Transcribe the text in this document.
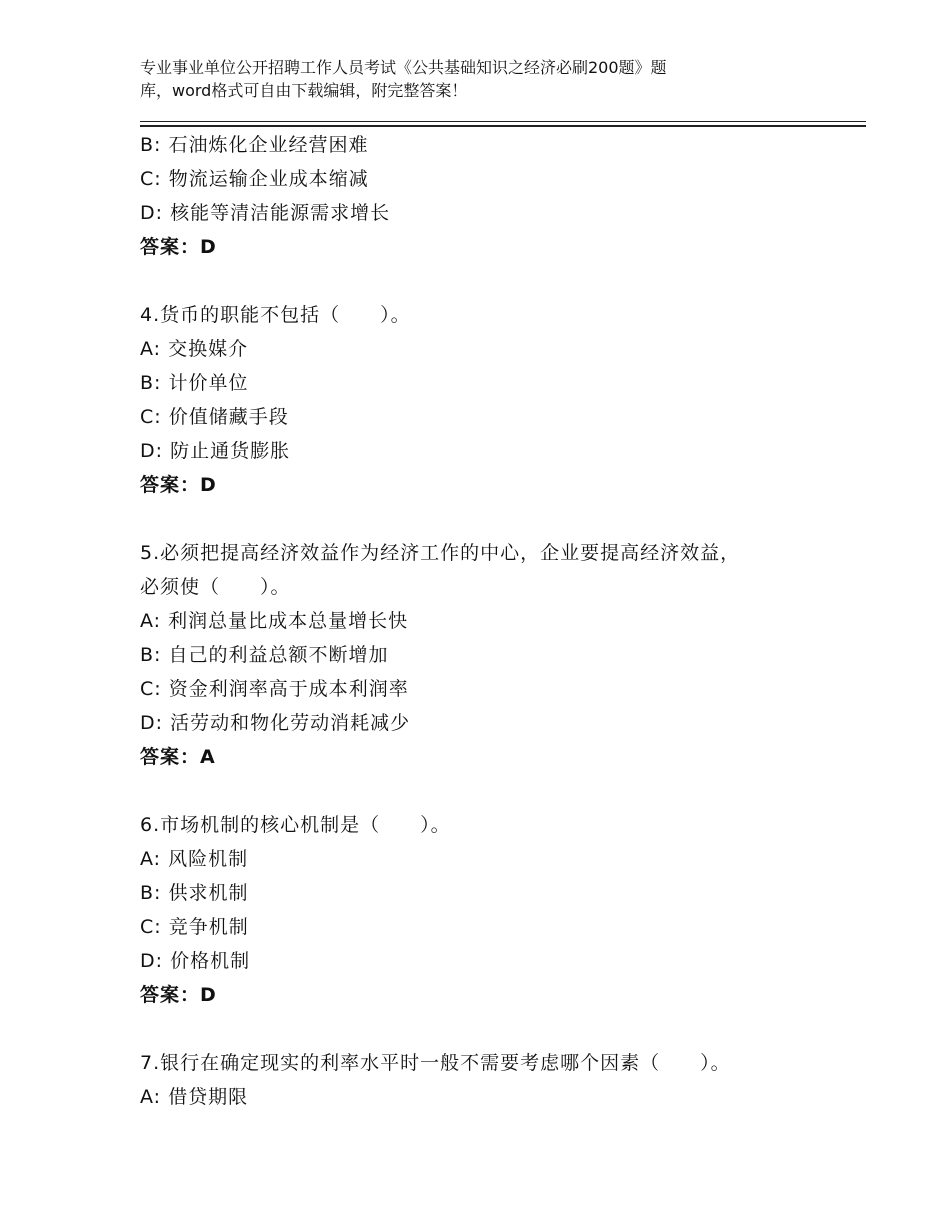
专业事业单位公开招聘工作人员考试《公共基础知识之经济必刷200题》题
库，word格式可自由下载编辑，附完整答案！
B: 石油炼化企业经营困难
C: 物流运输企业成本缩减
D: 核能等清洁能源需求增长
答案：D
4.货币的职能不包括（　　）。
A: 交换媒介
B: 计价单位
C: 价值储藏手段
D: 防止通货膨胀
答案：D
5.必须把提高经济效益作为经济工作的中心，企业要提高经济效益，
必须使（　　）。
A: 利润总量比成本总量增长快
B: 自己的利益总额不断增加
C: 资金利润率高于成本利润率
D: 活劳动和物化劳动消耗减少
答案：A
6.市场机制的核心机制是（　　）。
A: 风险机制
B: 供求机制
C: 竞争机制
D: 价格机制
答案：D
7.银行在确定现实的利率水平时一般不需要考虑哪个因素（　　）。
A: 借贷期限
